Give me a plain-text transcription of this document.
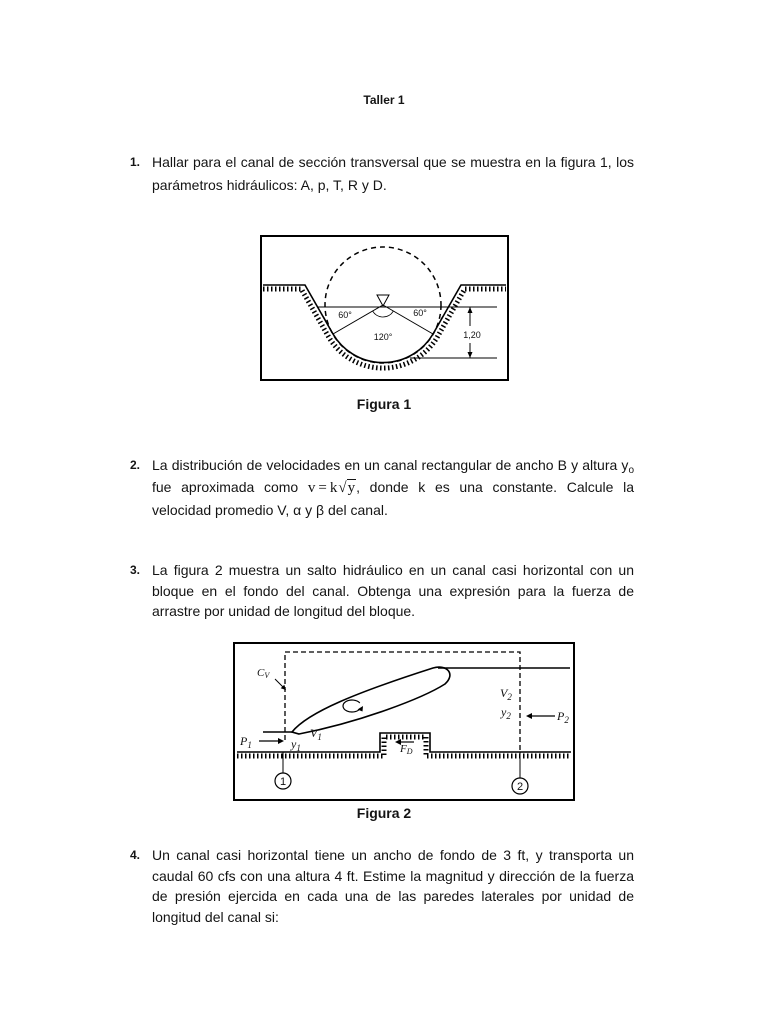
Taller 1
1. Hallar para el canal de sección transversal que se muestra en la figura 1, los
parámetros hidráulicos: A, p, T, R y D.
60°	60°
120°	1,20
Figura 1
2. La distribución de velocidades en un canal rectangular de ancho B y altura $y_o$
fue aproximada como v = k√y, donde k es una constante. Calcule la
velocidad promedio V, α y β del canal.
3. La figura 2 muestra un salto hidráulico en un canal casi horizontal con un
bloque en el fondo del canal. Obtenga una expresión para la fuerza de
arrastre por unidad de longitud del bloque.
CV
$V_2$
$y_2$	$P_2$
$P_1$	$y_1$
$V_1$
FD
1	2
Figura 2
4. Un canal casi horizontal tiene un ancho de fondo de 3 ft, y transporta un
caudal 60 cfs con una altura 4 ft. Estime la magnitud y dirección de la fuerza
de presión ejercida en cada una de las paredes laterales por unidad de
longitud del canal si:
